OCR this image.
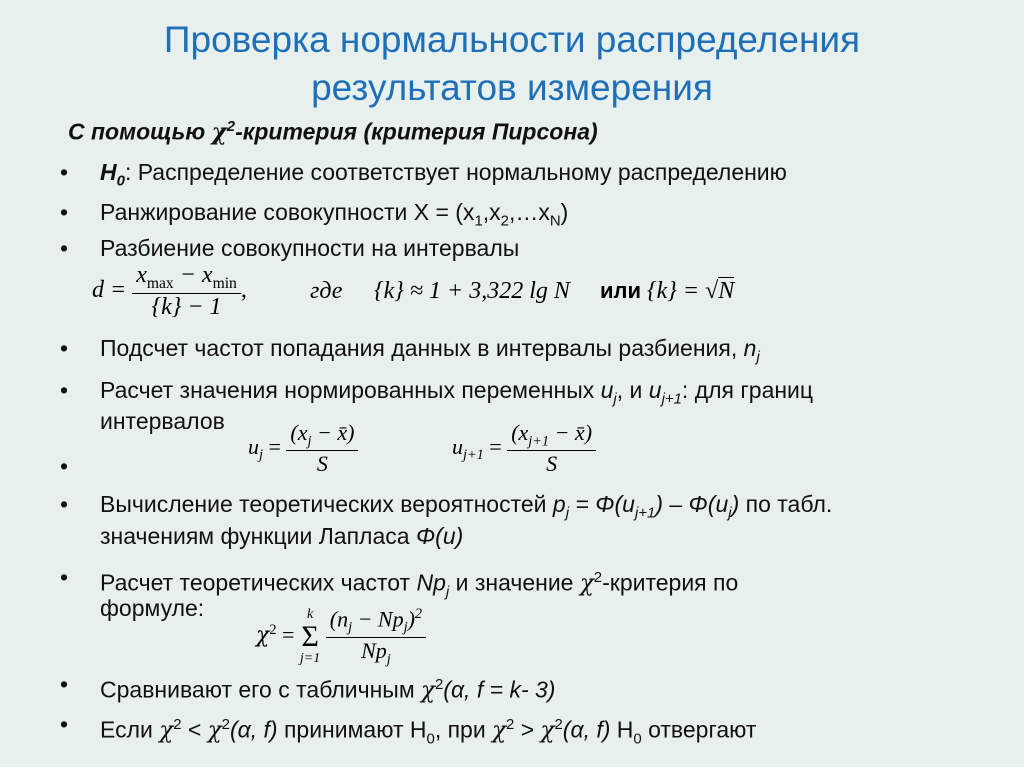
Проверка нормальности распределения
результатов измерения
С помощью $\chi^2$-критерия (критерия Пирсона)
•	$H_0$: Распределение соответствует нормальному распределению
•	Ранжирование совокупности $X = (x_1,x_2,\dots x_N)$
•	Разбиение совокупности на интервалы
$d = \frac{x_{max} - x_{min}}{\{k\} - 1}$ ,	где {k} ≈ 1 + 3,322 lg N или {k} = √N
•	Подсчет частот попадания данных в интервалы разбиения, $n_j$
•	Расчет значения нормированных переменных $u_j$, и $u_{j+1}$: для границ
интервалов
$u_j = \frac{(x_j - x̄)}{S}$	$u_{j+1} = \frac{(x_{j+1} - x̄)}{S}$
•
•	Вычисление теоретических вероятностей $p_j = \Phi(u_{j+1}) - \Phi(u_j)$ по табл.
значениям функции Лапласа Φ(u)
•	Расчет теоретических частот $Np_j$ и значение $\chi^2$-критерия по
формуле:
$\chi^2$ =
k
Σ
j=1
$\frac{(n_j - Np_j)^2}{Np_j}$
•	Сравнивают его с табличным $\chi^2(\alpha$, f = k- 3)
•	Если $\chi^2 < \chi^2(\alpha$, f) принимают $H_0$, при $\chi^2 > \chi^2(\alpha$, f) $H_0$ отвергают
